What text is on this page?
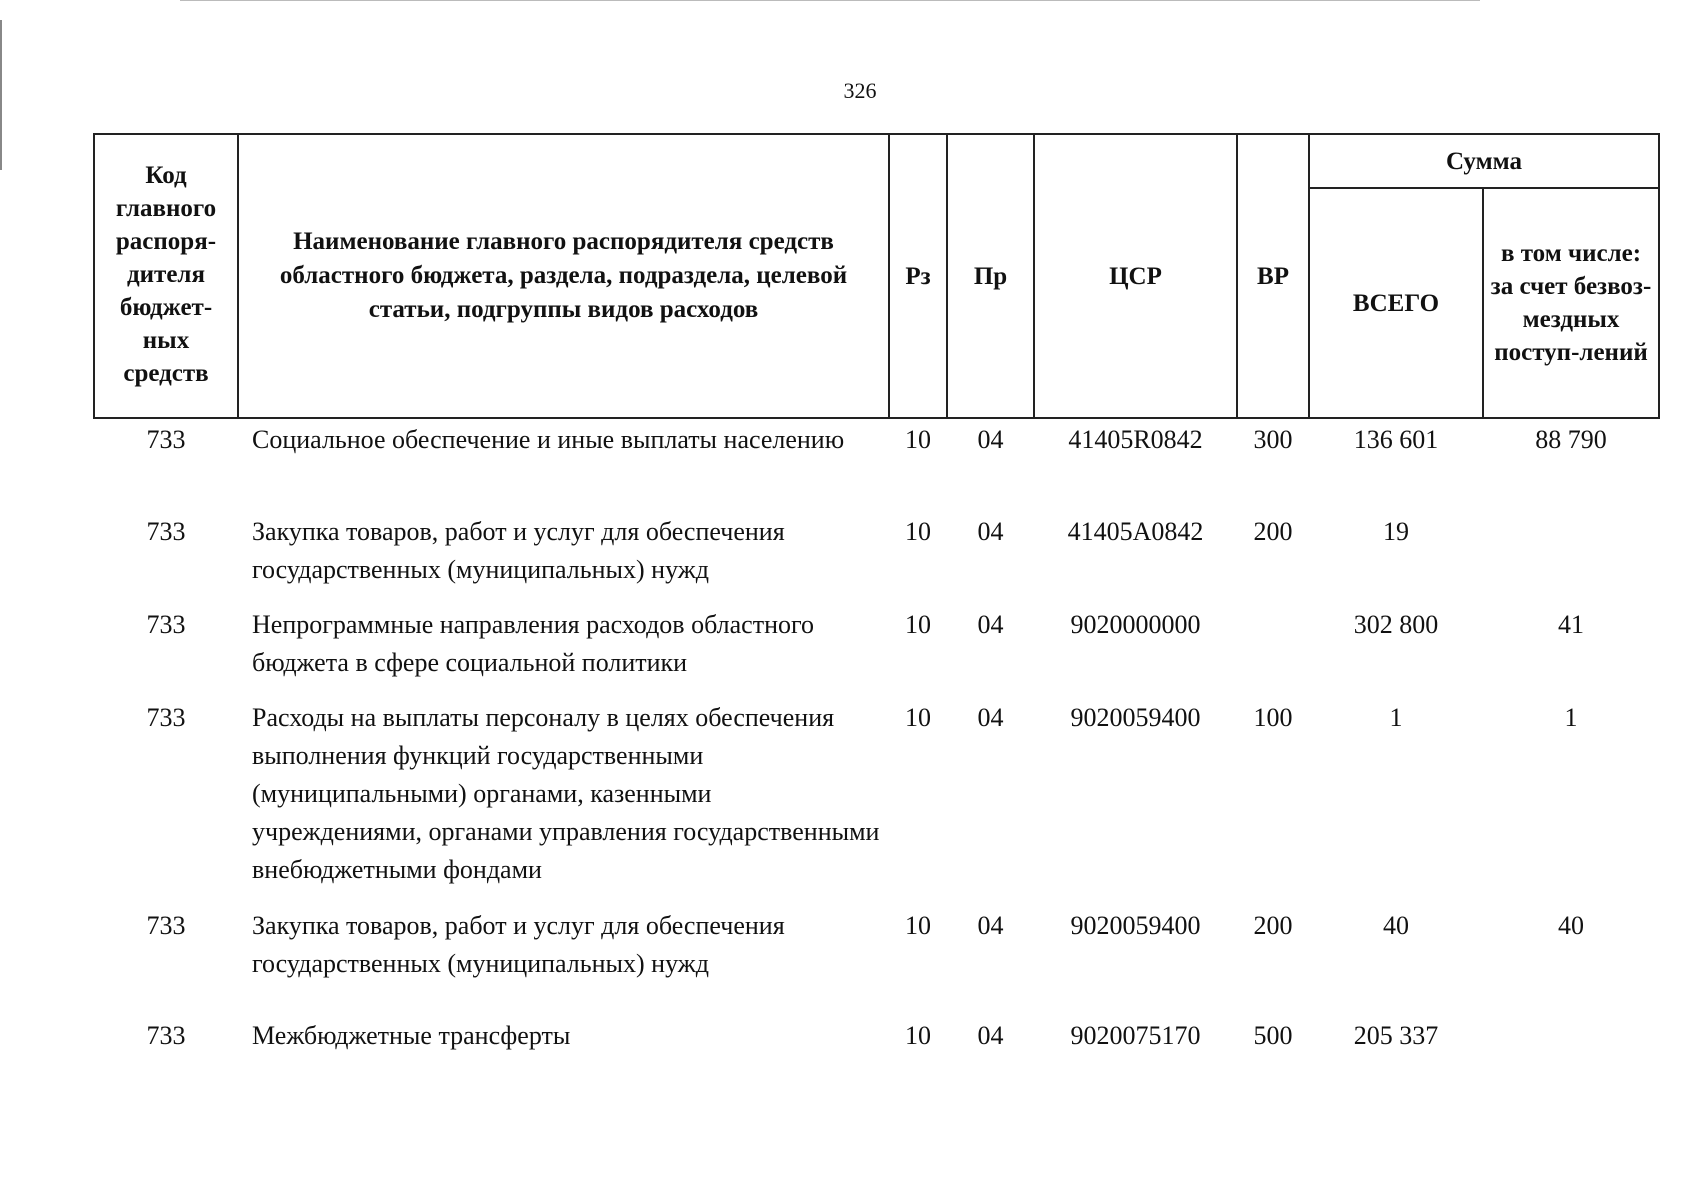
326
Код главного распоря-дителя бюджет-ных средств	Наименование главного распорядителя средств областного бюджета, раздела, подраздела, целевой статьи, подгруппы видов расходов	Рз	Пр	ЦСР	ВР	Сумма	
						ВСЕГО	в том числе: за счет безвоз-мездных поступ-лений
733	Социальное обеспечение и иные выплаты населению	10	04	41405R0842	300	136 601	88 790
733	Закупка товаров, работ и услуг для обеспечения государственных (муниципальных) нужд	10	04	41405A0842	200	19	
733	Непрограммные направления расходов областного бюджета в сфере социальной политики	10	04	9020000000		302 800	41
733	Расходы на выплаты персоналу в целях обеспечения выполнения функций государственными (муниципальными) органами, казенными учреждениями, органами управления государственными внебюджетными фондами	10	04	9020059400	100	1	1
733	Закупка товаров, работ и услуг для обеспечения государственных (муниципальных) нужд	10	04	9020059400	200	40	40
733	Межбюджетные трансферты	10	04	9020075170	500	205 337	
